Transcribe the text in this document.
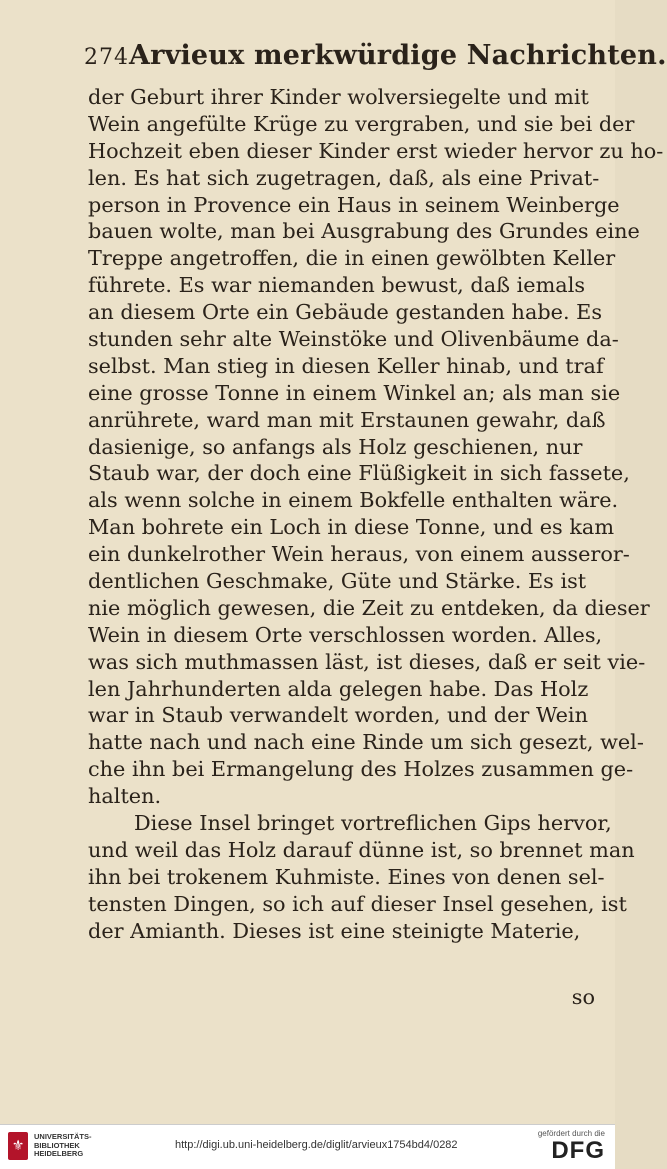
274 Arvieux merkwürdige Nachrichten.
der Geburt ihrer Kinder wolversiegelte und mit
Wein angefülte Krüge zu vergraben, und sie bei der
Hochzeit eben dieser Kinder erst wieder hervor zu ho-
len. Es hat sich zugetragen, daß, als eine Privat-
person in Provence ein Haus in seinem Weinberge
bauen wolte, man bei Ausgrabung des Grundes eine
Treppe angetroffen, die in einen gewölbten Keller
führete. Es war niemanden bewust, daß iemals
an diesem Orte ein Gebäude gestanden habe. Es
stunden sehr alte Weinstöke und Olivenbäume da-
selbst. Man stieg in diesen Keller hinab, und traf
eine grosse Tonne in einem Winkel an; als man sie
anrührete, ward man mit Erstaunen gewahr, daß
dasienige, so anfangs als Holz geschienen, nur
Staub war, der doch eine Flüßigkeit in sich fassete,
als wenn solche in einem Bokfelle enthalten wäre.
Man bohrete ein Loch in diese Tonne, und es kam
ein dunkelrother Wein heraus, von einem ausseror-
dentlichen Geschmake, Güte und Stärke. Es ist
nie möglich gewesen, die Zeit zu entdeken, da dieser
Wein in diesem Orte verschlossen worden. Alles,
was sich muthmassen läst, ist dieses, daß er seit vie-
len Jahrhunderten alda gelegen habe. Das Holz
war in Staub verwandelt worden, und der Wein
hatte nach und nach eine Rinde um sich gesezt, wel-
che ihn bei Ermangelung des Holzes zusammen ge-
halten.
Diese Insel bringet vortreflichen Gips hervor,
und weil das Holz darauf dünne ist, so brennet man
ihn bei trokenem Kuhmiste. Eines von denen sel-
tensten Dingen, so ich auf dieser Insel gesehen, ist
der Amianth. Dieses ist eine steinigte Materie,
so
⚜
UNIVERSITÄTS-BIBLIOTHEK HEIDELBERG
http://digi.ub.uni-heidelberg.de/diglit/arvieux1754bd4/0282
gefördert durch die
DFG
